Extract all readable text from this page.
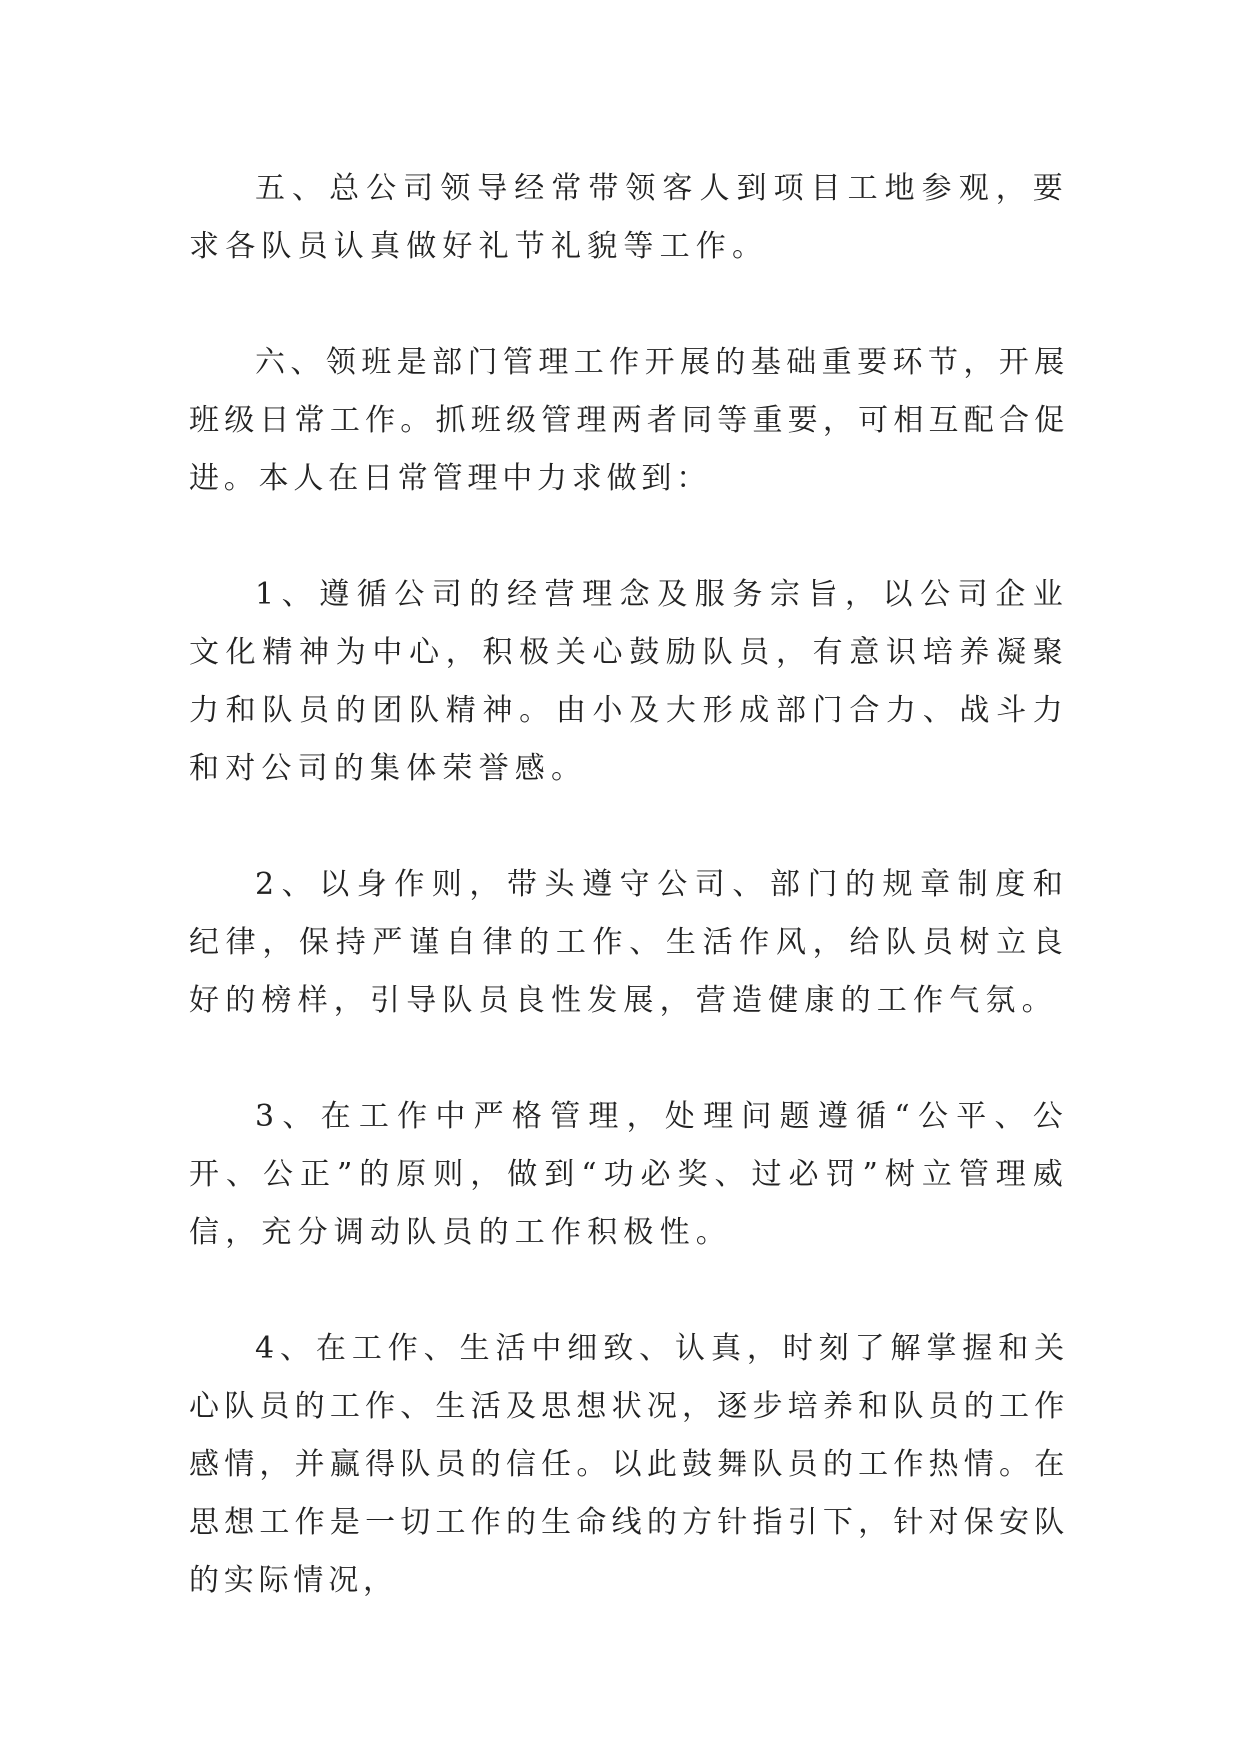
五、总公司领导经常带领客人到项目工地参观，要求各队员认真做好礼节礼貌等工作。

六、领班是部门管理工作开展的基础重要环节，开展班级日常工作。抓班级管理两者同等重要，可相互配合促进。本人在日常管理中力求做到：

1、遵循公司的经营理念及服务宗旨，以公司企业文化精神为中心，积极关心鼓励队员，有意识培养凝聚力和队员的团队精神。由小及大形成部门合力、战斗力和对公司的集体荣誉感。

2、以身作则，带头遵守公司、部门的规章制度和纪律，保持严谨自律的工作、生活作风，给队员树立良好的榜样，引导队员良性发展，营造健康的工作气氛。

3、在工作中严格管理，处理问题遵循“公平、公开、公正”的原则，做到“功必奖、过必罚”树立管理威信，充分调动队员的工作积极性。

4、在工作、生活中细致、认真，时刻了解掌握和关心队员的工作、生活及思想状况，逐步培养和队员的工作感情，并赢得队员的信任。以此鼓舞队员的工作热情。在思想工作是一切工作的生命线的方针指引下，针对保安队的实际情况，
